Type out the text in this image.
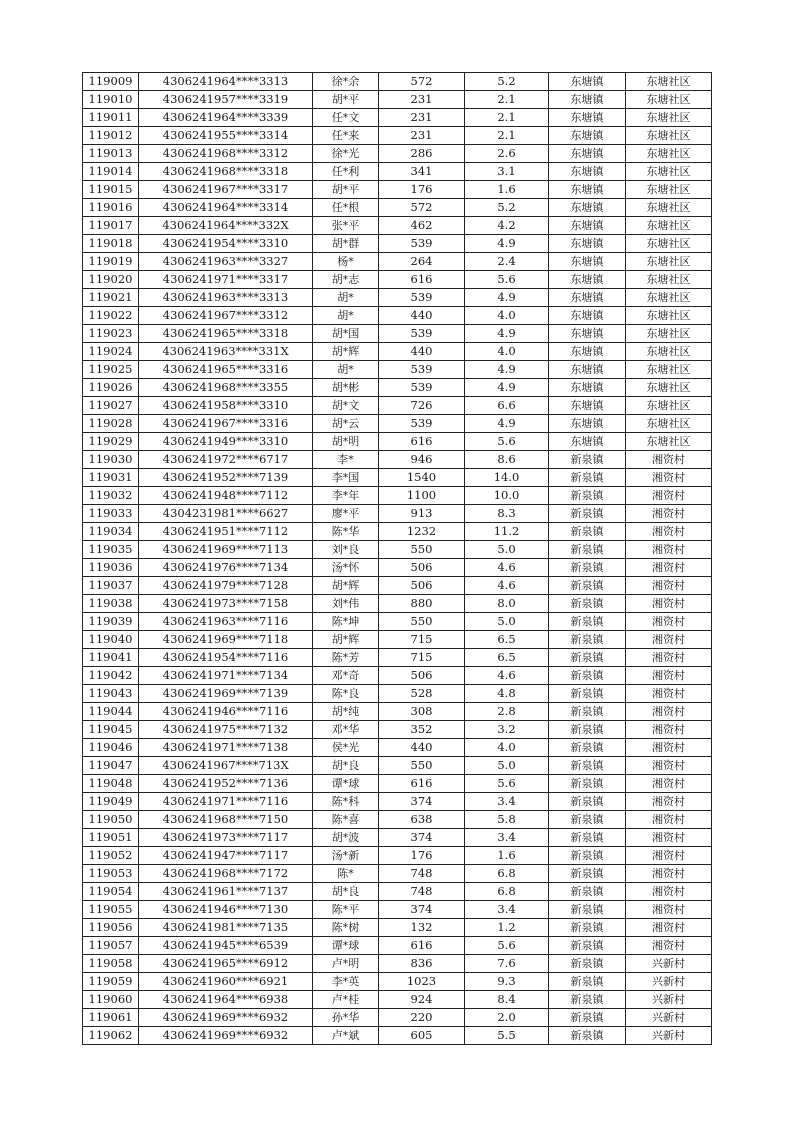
119009	4306241964****3313	徐*余	572	5.2	东塘镇	东塘社区
119010	4306241957****3319	胡*平	231	2.1	东塘镇	东塘社区
119011	4306241964****3339	任*文	231	2.1	东塘镇	东塘社区
119012	4306241955****3314	任*来	231	2.1	东塘镇	东塘社区
119013	4306241968****3312	徐*光	286	2.6	东塘镇	东塘社区
119014	4306241968****3318	任*利	341	3.1	东塘镇	东塘社区
119015	4306241967****3317	胡*平	176	1.6	东塘镇	东塘社区
119016	4306241964****3314	任*根	572	5.2	东塘镇	东塘社区
119017	4306241964****332X	张*平	462	4.2	东塘镇	东塘社区
119018	4306241954****3310	胡*群	539	4.9	东塘镇	东塘社区
119019	4306241963****3327	杨*	264	2.4	东塘镇	东塘社区
119020	4306241971****3317	胡*志	616	5.6	东塘镇	东塘社区
119021	4306241963****3313	胡*	539	4.9	东塘镇	东塘社区
119022	4306241967****3312	胡*	440	4.0	东塘镇	东塘社区
119023	4306241965****3318	胡*国	539	4.9	东塘镇	东塘社区
119024	4306241963****331X	胡*辉	440	4.0	东塘镇	东塘社区
119025	4306241965****3316	胡*	539	4.9	东塘镇	东塘社区
119026	4306241968****3355	胡*彬	539	4.9	东塘镇	东塘社区
119027	4306241958****3310	胡*文	726	6.6	东塘镇	东塘社区
119028	4306241967****3316	胡*云	539	4.9	东塘镇	东塘社区
119029	4306241949****3310	胡*明	616	5.6	东塘镇	东塘社区
119030	4306241972****6717	李*	946	8.6	新泉镇	湘资村
119031	4306241952****7139	李*国	1540	14.0	新泉镇	湘资村
119032	4306241948****7112	李*年	1100	10.0	新泉镇	湘资村
119033	4304231981****6627	廖*平	913	8.3	新泉镇	湘资村
119034	4306241951****7112	陈*华	1232	11.2	新泉镇	湘资村
119035	4306241969****7113	刘*良	550	5.0	新泉镇	湘资村
119036	4306241976****7134	汤*怀	506	4.6	新泉镇	湘资村
119037	4306241979****7128	胡*辉	506	4.6	新泉镇	湘资村
119038	4306241973****7158	刘*伟	880	8.0	新泉镇	湘资村
119039	4306241963****7116	陈*坤	550	5.0	新泉镇	湘资村
119040	4306241969****7118	胡*辉	715	6.5	新泉镇	湘资村
119041	4306241954****7116	陈*芳	715	6.5	新泉镇	湘资村
119042	4306241971****7134	邓*奇	506	4.6	新泉镇	湘资村
119043	4306241969****7139	陈*良	528	4.8	新泉镇	湘资村
119044	4306241946****7116	胡*纯	308	2.8	新泉镇	湘资村
119045	4306241975****7132	邓*华	352	3.2	新泉镇	湘资村
119046	4306241971****7138	侯*光	440	4.0	新泉镇	湘资村
119047	4306241967****713X	胡*良	550	5.0	新泉镇	湘资村
119048	4306241952****7136	谭*球	616	5.6	新泉镇	湘资村
119049	4306241971****7116	陈*科	374	3.4	新泉镇	湘资村
119050	4306241968****7150	陈*喜	638	5.8	新泉镇	湘资村
119051	4306241973****7117	胡*波	374	3.4	新泉镇	湘资村
119052	4306241947****7117	汤*新	176	1.6	新泉镇	湘资村
119053	4306241968****7172	陈*	748	6.8	新泉镇	湘资村
119054	4306241961****7137	胡*良	748	6.8	新泉镇	湘资村
119055	4306241946****7130	陈*平	374	3.4	新泉镇	湘资村
119056	4306241981****7135	陈*树	132	1.2	新泉镇	湘资村
119057	4306241945****6539	谭*球	616	5.6	新泉镇	湘资村
119058	4306241965****6912	卢*明	836	7.6	新泉镇	兴新村
119059	4306241960****6921	李*英	1023	9.3	新泉镇	兴新村
119060	4306241964****6938	卢*桂	924	8.4	新泉镇	兴新村
119061	4306241969****6932	孙*华	220	2.0	新泉镇	兴新村
119062	4306241969****6932	卢*斌	605	5.5	新泉镇	兴新村
